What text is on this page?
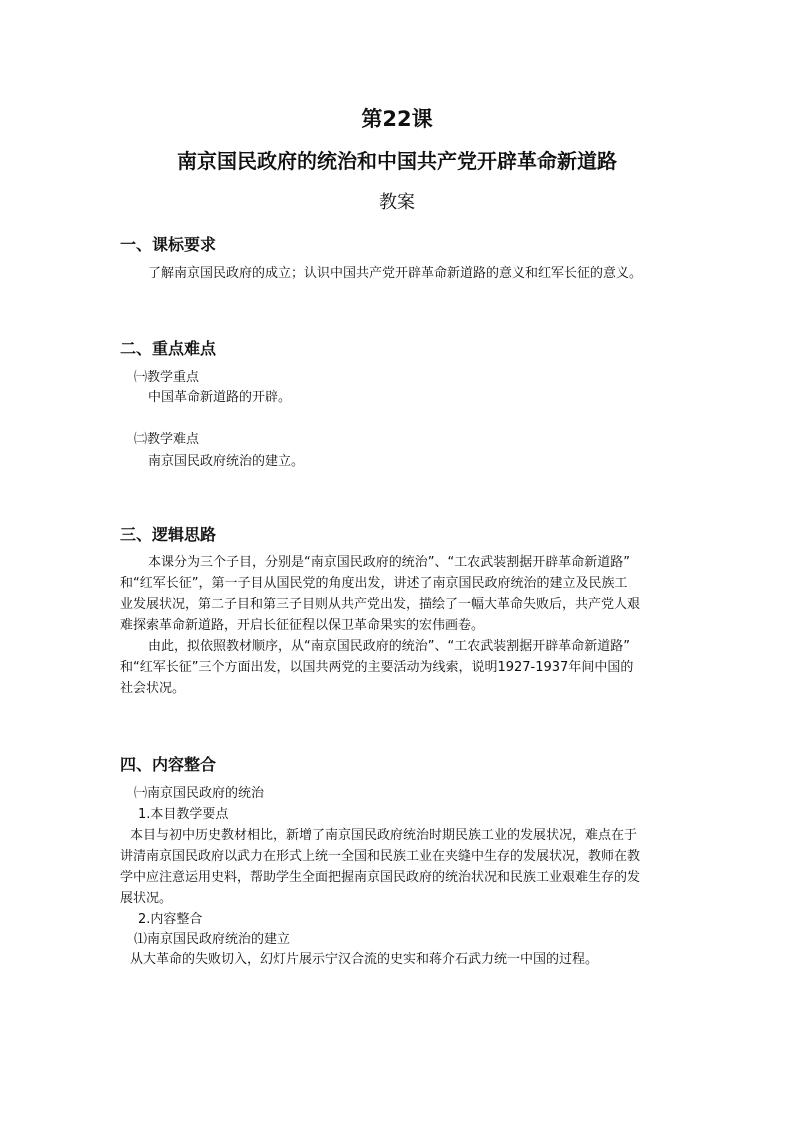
第22课
南京国民政府的统治和中国共产党开辟革命新道路
教案
一、课标要求
了解南京国民政府的成立；认识中国共产党开辟革命新道路的意义和红军长征的意义。
二、重点难点
㈠教学重点
中国革命新道路的开辟。
㈡教学难点
南京国民政府统治的建立。
三、逻辑思路
本课分为三个子目，分别是“南京国民政府的统治”、“工农武装割据开辟革命新道路”
和“红军长征”，第一子目从国民党的角度出发，讲述了南京国民政府统治的建立及民族工
业发展状况，第二子目和第三子目则从共产党出发，描绘了一幅大革命失败后，共产党人艰
难探索革命新道路，开启长征征程以保卫革命果实的宏伟画卷。
由此，拟依照教材顺序，从“南京国民政府的统治”、“工农武装割据开辟革命新道路”
和“红军长征”三个方面出发，以国共两党的主要活动为线索，说明1927-1937年间中国的
社会状况。
四、内容整合
㈠南京国民政府的统治
1.本目教学要点
本目与初中历史教材相比，新增了南京国民政府统治时期民族工业的发展状况，难点在于
讲清南京国民政府以武力在形式上统一全国和民族工业在夹缝中生存的发展状况，教师在教
学中应注意运用史料，帮助学生全面把握南京国民政府的统治状况和民族工业艰难生存的发
展状况。
2.内容整合
⑴南京国民政府统治的建立
从大革命的失败切入，幻灯片展示宁汉合流的史实和蒋介石武力统一中国的过程。
